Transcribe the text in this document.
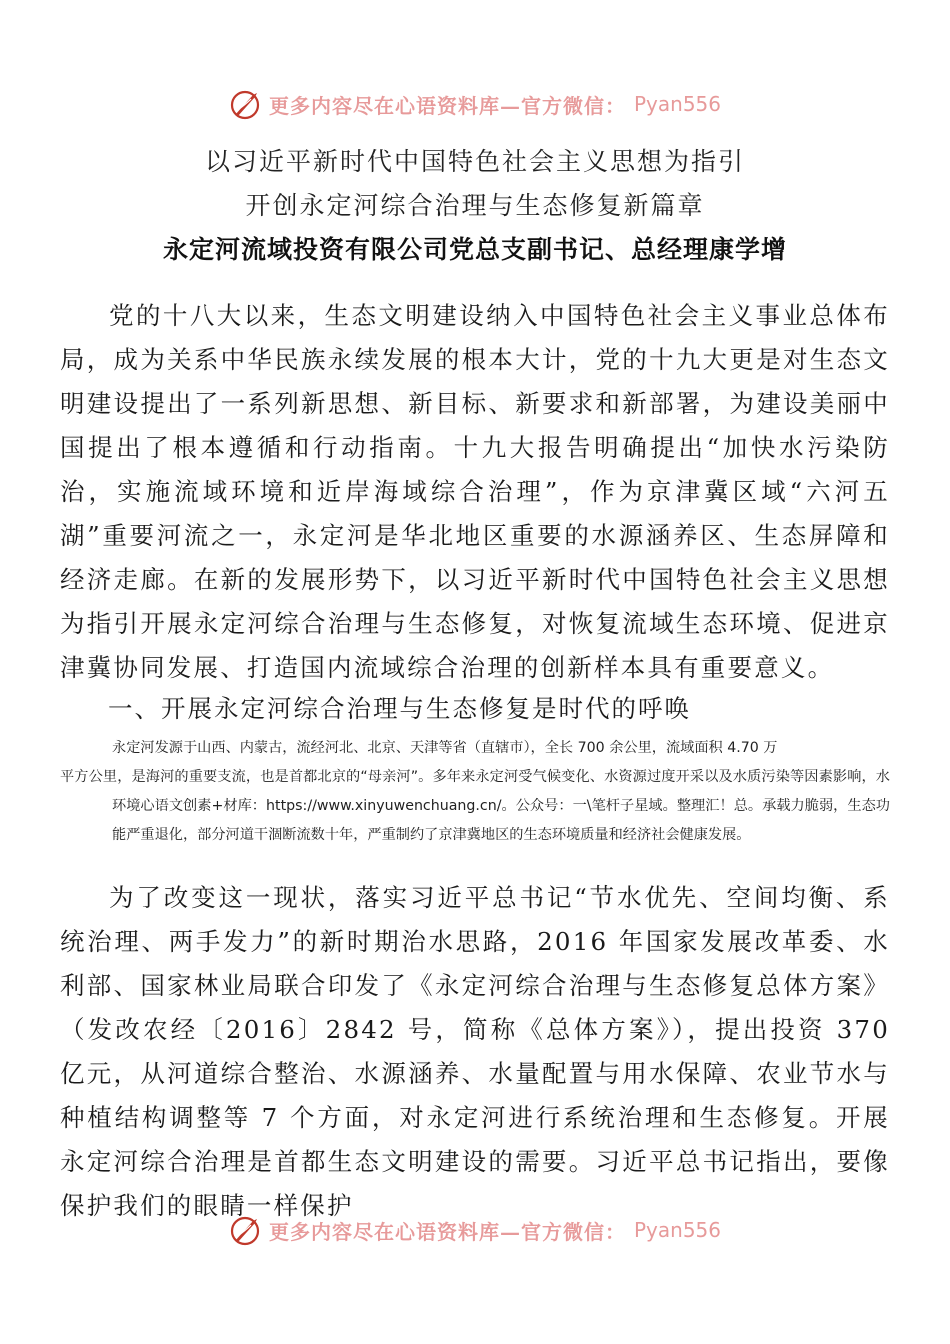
更多内容尽在心语资料库—官方微信： Pyan556
以习近平新时代中国特色社会主义思想为指引
开创永定河综合治理与生态修复新篇章
永定河流域投资有限公司党总支副书记、总经理康学增
党的十八大以来，生态文明建设纳入中国特色社会主义事业总体布局，成为关系中华民族永续发展的根本大计，党的十九大更是对生态文明建设提出了一系列新思想、新目标、新要求和新部署，为建设美丽中国提出了根本遵循和行动指南。十九大报告明确提出“加快水污染防治，实施流域环境和近岸海域综合治理”，作为京津冀区域“六河五湖”重要河流之一，永定河是华北地区重要的水源涵养区、生态屏障和经济走廊。在新的发展形势下，以习近平新时代中国特色社会主义思想为指引开展永定河综合治理与生态修复，对恢复流域生态环境、促进京津冀协同发展、打造国内流域综合治理的创新样本具有重要意义。
一、开展永定河综合治理与生态修复是时代的呼唤
永定河发源于山西、内蒙古，流经河北、北京、天津等省（直辖市），全长 700 余公里，流域面积 4.70 万
平方公里，是海河的重要支流，也是首都北京的“母亲河”。多年来永定河受气候变化、水资源过度开采以及水质污染等因素影响，水环境心语文创素+材库：https://www.xinyuwenchuang.cn/。公众号：一\笔杆子星域。整理汇！总。承载力脆弱，生态功能严重退化，部分河道干涸断流数十年，严重制约了京津冀地区的生态环境质量和经济社会健康发展。
为了改变这一现状，落实习近平总书记“节水优先、空间均衡、系统治理、两手发力”的新时期治水思路，2016 年国家发展改革委、水利部、国家林业局联合印发了《永定河综合治理与生态修复总体方案》（发改农经〔2016〕2842 号，简称《总体方案》），提出投资 370 亿元，从河道综合整治、水源涵养、水量配置与用水保障、农业节水与种植结构调整等 7 个方面，对永定河进行系统治理和生态修复。开展永定河综合治理是首都生态文明建设的需要。习近平总书记指出，要像保护我们的眼睛一样保护
更多内容尽在心语资料库—官方微信： Pyan556
